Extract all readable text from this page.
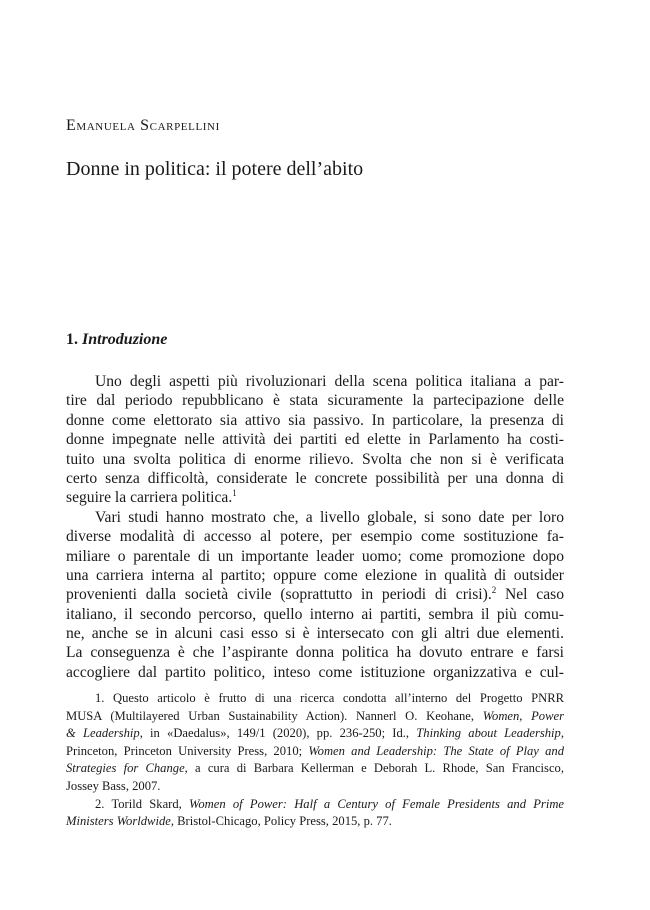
Emanuela Scarpellini
Donne in politica: il potere dell’abito
1. Introduzione
Uno degli aspetti più rivoluzionari della scena politica italiana a par-
tire dal periodo repubblicano è stata sicuramente la partecipazione delle
donne come elettorato sia attivo sia passivo. In particolare, la presenza di
donne impegnate nelle attività dei partiti ed elette in Parlamento ha costi-
tuito una svolta politica di enorme rilievo. Svolta che non si è verificata
certo senza difficoltà, considerate le concrete possibilità per una donna di
seguire la carriera politica.$^1$
Vari studi hanno mostrato che, a livello globale, si sono date per loro
diverse modalità di accesso al potere, per esempio come sostituzione fa-
miliare o parentale di un importante leader uomo; come promozione dopo
una carriera interna al partito; oppure come elezione in qualità di outsider
provenienti dalla società civile (soprattutto in periodi di crisi).$^2$ Nel caso
italiano, il secondo percorso, quello interno ai partiti, sembra il più comu-
ne, anche se in alcuni casi esso si è intersecato con gli altri due elementi.
La conseguenza è che l’aspirante donna politica ha dovuto entrare e farsi
accogliere dal partito politico, inteso come istituzione organizzativa e cul-
1. Questo articolo è frutto di una ricerca condotta all’interno del Progetto PNRR
MUSA (Multilayered Urban Sustainability Action). Nannerl O. Keohane, Women, Power
& Leadership, in «Daedalus», 149/1 (2020), pp. 236-250; Id., Thinking about Leadership,
Princeton, Princeton University Press, 2010; Women and Leadership: The State of Play and
Strategies for Change, a cura di Barbara Kellerman e Deborah L. Rhode, San Francisco,
Jossey Bass, 2007.
2. Torild Skard, Women of Power: Half a Century of Female Presidents and Prime
Ministers Worldwide, Bristol-Chicago, Policy Press, 2015, p. 77.
